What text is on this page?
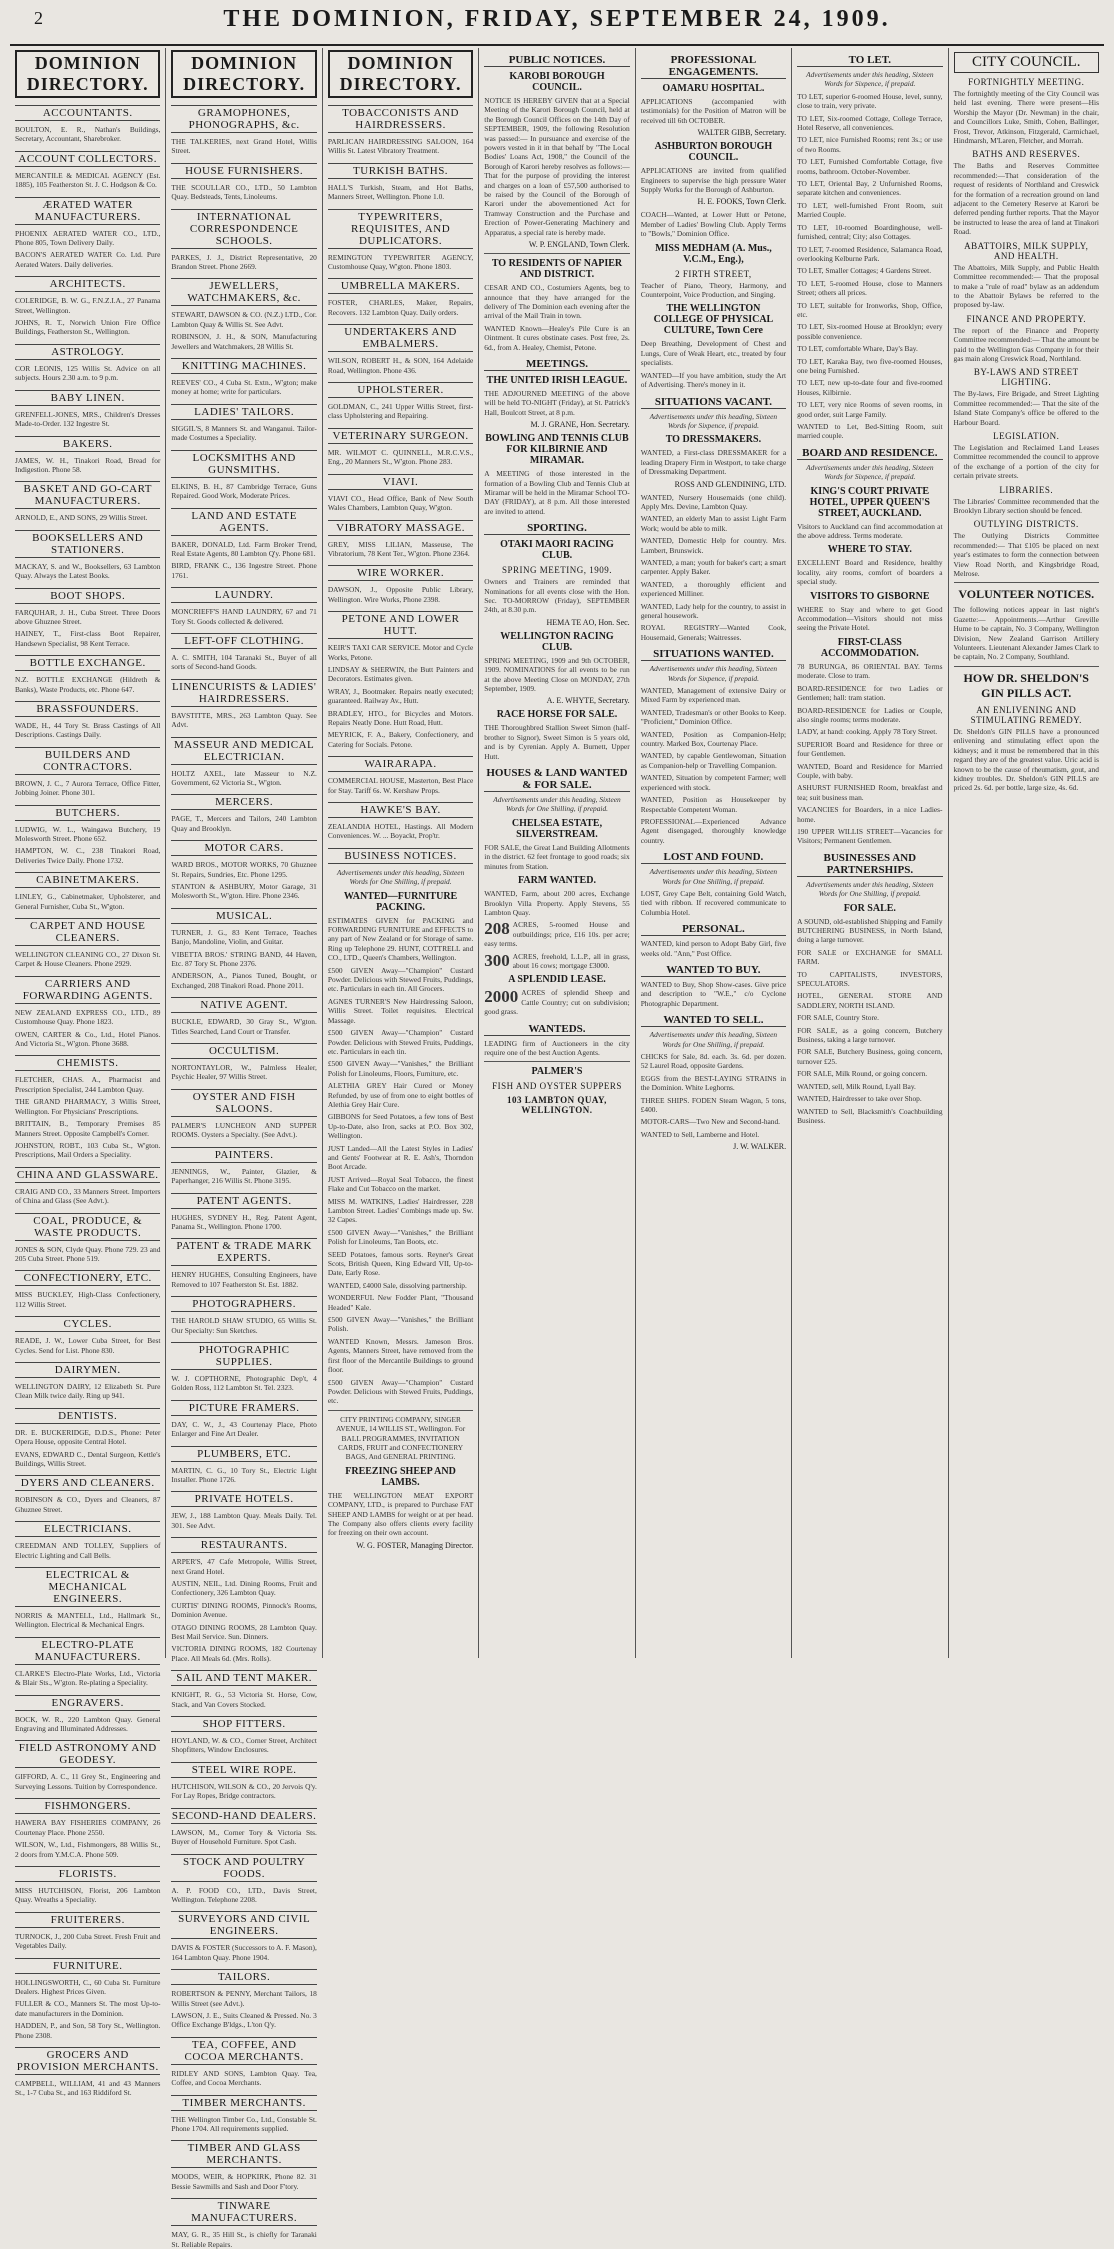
2	THE DOMINION, FRIDAY, SEPTEMBER 24, 1909.
DOMINION DIRECTORY.
ACCOUNTANTS.
BOULTON, E. R., Nathan's Buildings, Secretary, Accountant, Sharebroker.
ACCOUNT COLLECTORS.
MERCANTILE & MEDICAL AGENCY (Est. 1885), 105 Featherston St. J. C. Hodgson & Co.
ÆRATED WATER MANUFACTURERS.
PHOENIX AERATED WATER CO., LTD., Phone 805, Town Delivery Daily.
BACON'S AERATED WATER Co. Ltd. Pure Aerated Waters. Daily deliveries.
ARCHITECTS.
COLERIDGE, B. W. G., F.N.Z.I.A., 27 Panama Street, Wellington.
JOHNS, R. T., Norwich Union Fire Office Buildings, Featherston St., Wellington.
ASTROLOGY.
COR LEONIS, 125 Willis St. Advice on all subjects. Hours 2.30 a.m. to 9 p.m.
BABY LINEN.
GRENFELL-JONES, MRS., Children's Dresses Made-to-Order. 132 Ingestre St.
BAKERS.
JAMES, W. H., Tinakori Road, Bread for Indigestion. Phone 58.
BASKET AND GO-CART MANUFACTURERS.
ARNOLD, E., AND SONS, 29 Willis Street.
BOOKSELLERS AND STATIONERS.
MACKAY, S. and W., Booksellers, 63 Lambton Quay. Always the Latest Books.
BOOT SHOPS.
FARQUHAR, J. H., Cuba Street. Three Doors above Ghuznee Street.
HAINEY, T., First-class Boot Repairer, Handsewn Specialist, 98 Kent Terrace.
BOTTLE EXCHANGE.
N.Z. BOTTLE EXCHANGE (Hildreth & Banks), Waste Products, etc. Phone 647.
BRASSFOUNDERS.
WADE, H., 44 Tory St. Brass Castings of All Descriptions. Castings Daily.
BUILDERS AND CONTRACTORS.
BROWN, J. C., 7 Aurora Terrace, Office Fitter, Jobbing Joiner. Phone 301.
BUTCHERS.
LUDWIG, W. L., Waingawa Butchery, 19 Molesworth Street. Phone 652.
HAMPTON, W. C., 238 Tinakori Road, Deliveries Twice Daily. Phone 1732.
CABINETMAKERS.
LINLEY, G., Cabinetmaker, Upholsterer, and General Furnisher, Cuba St., W'gton.
CARPET AND HOUSE CLEANERS.
WELLINGTON CLEANING CO., 27 Dixon St. Carpet & House Cleaners. Phone 2929.
CARRIERS AND FORWARDING AGENTS.
NEW ZEALAND EXPRESS CO., LTD., 89 Customhouse Quay. Phone 1823.
OWEN, CARTER & Co., Ltd., Hotel Pianos. And Victoria St., W'gton. Phone 3688.
CHEMISTS.
FLETCHER, CHAS. A., Pharmacist and Prescription Specialist, 244 Lambton Quay.
THE GRAND PHARMACY, 3 Willis Street, Wellington. For Physicians' Prescriptions.
BRITTAIN, B., Temporary Premises 85 Manners Street. Opposite Campbell's Corner.
JOHNSTON, ROBT., 103 Cuba St., W'gton. Prescriptions, Mail Orders a Speciality.
CHINA AND GLASSWARE.
CRAIG AND CO., 33 Manners Street. Importers of China and Glass (See Advt.).
COAL, PRODUCE, & WASTE PRODUCTS.
JONES & SON, Clyde Quay. Phone 729. 23 and 205 Cuba Street. Phone 519.
CONFECTIONERY, ETC.
MISS BUCKLEY, High-Class Confectionery, 112 Willis Street.
CYCLES.
READE, J. W., Lower Cuba Street, for Best Cycles. Send for List. Phone 830.
DAIRYMEN.
WELLINGTON DAIRY, 12 Elizabeth St. Pure Clean Milk twice daily. Ring up 941.
DENTISTS.
DR. E. BUCKERIDGE, D.D.S., Phone: Peter Opera House, opposite Central Hotel.
EVANS, EDWARD C., Dental Surgeon, Kettle's Buildings, Willis Street.
DYERS AND CLEANERS.
ROBINSON & CO., Dyers and Cleaners, 87 Ghuznee Street.
ELECTRICIANS.
CREEDMAN AND TOLLEY, Suppliers of Electric Lighting and Call Bells.
ELECTRICAL & MECHANICAL ENGINEERS.
NORRIS & MANTELL, Ltd., Hallmark St., Wellington. Electrical & Mechanical Engrs.
ELECTRO-PLATE MANUFACTURERS.
CLARKE'S Electro-Plate Works, Ltd., Victoria & Blair Sts., W'gton. Re-plating a Speciality.
ENGRAVERS.
BOCK, W. R., 220 Lambton Quay. General Engraving and Illuminated Addresses.
FIELD ASTRONOMY AND GEODESY.
GIFFORD, A. C., 11 Grey St., Engineering and Surveying Lessons. Tuition by Correspondence.
FISHMONGERS.
HAWERA BAY FISHERIES COMPANY, 26 Courtenay Place. Phone 2550.
WILSON, W., Ltd., Fishmongers, 88 Willis St., 2 doors from Y.M.C.A. Phone 509.
FLORISTS.
MISS HUTCHISON, Florist, 206 Lambton Quay. Wreaths a Speciality.
FRUITERERS.
TURNOCK, J., 200 Cuba Street. Fresh Fruit and Vegetables Daily.
FURNITURE.
HOLLINGSWORTH, C., 60 Cuba St. Furniture Dealers. Highest Prices Given.
FULLER & CO., Manners St. The most Up-to-date manufacturers in the Dominion.
HADDEN, P., and Son, 58 Tory St., Wellington. Phone 2308.
GROCERS AND PROVISION MERCHANTS.
CAMPBELL, WILLIAM, 41 and 43 Manners St., 1-7 Cuba St., and 163 Riddiford St.
DOMINION DIRECTORY.
GRAMOPHONES, PHONOGRAPHS, &c.
THE TALKERIES, next Grand Hotel, Willis Street.
HOUSE FURNISHERS.
THE SCOULLAR CO., LTD., 50 Lambton Quay. Bedsteads, Tents, Linoleums.
INTERNATIONAL CORRESPONDENCE SCHOOLS.
PARKES, J. J., District Representative, 20 Brandon Street. Phone 2669.
JEWELLERS, WATCHMAKERS, &c.
STEWART, DAWSON & CO. (N.Z.) LTD., Cor. Lambton Quay & Willis St. See Advt.
ROBINSON, J. H., & SON, Manufacturing Jewellers and Watchmakers, 28 Willis St.
KNITTING MACHINES.
REEVES' CO., 4 Cuba St. Extn., W'gton; make money at home; write for particulars.
LADIES' TAILORS.
SIGGIL'S, 8 Manners St. and Wanganui. Tailor-made Costumes a Speciality.
LOCKSMITHS AND GUNSMITHS.
ELKINS, B. H., 87 Cambridge Terrace, Guns Repaired. Good Work, Moderate Prices.
LAND AND ESTATE AGENTS.
BAKER, DONALD, Ltd. Farm Broker Trend, Real Estate Agents, 80 Lambton Q'y. Phone 681.
BIRD, FRANK C., 136 Ingestre Street. Phone 1761.
LAUNDRY.
MONCRIEFF'S HAND LAUNDRY, 67 and 71 Tory St. Goods collected & delivered.
LEFT-OFF CLOTHING.
A. C. SMITH, 104 Taranaki St., Buyer of all sorts of Second-hand Goods.
LINENCURISTS & LADIES' HAIRDRESSERS.
BAVSTITTE, MRS., 263 Lambton Quay. See Advt.
MASSEUR AND MEDICAL ELECTRICIAN.
HOLTZ AXEL, late Masseur to N.Z. Government, 62 Victoria St., W'gton.
MERCERS.
PAGE, T., Mercers and Tailors, 240 Lambton Quay and Brooklyn.
MOTOR CARS.
WARD BROS., MOTOR WORKS, 70 Ghuznee St. Repairs, Sundries, Etc. Phone 1295.
STANTON & ASHBURY, Motor Garage, 31 Molesworth St., W'gton. Hire. Phone 2346.
MUSICAL.
TURNER, J. G., 83 Kent Terrace, Teaches Banjo, Mandoline, Violin, and Guitar.
VIBETTA BROS.' STRING BAND, 44 Haven, Etc. 87 Tory St. Phone 2376.
ANDERSON, A., Pianos Tuned, Bought, or Exchanged, 208 Tinakori Road. Phone 2011.
NATIVE AGENT.
BUCKLE, EDWARD, 30 Gray St., W'gton. Titles Searched, Land Court or Transfer.
OCCULTISM.
NORTONTAYLOR, W., Palmless Healer, Psychic Healer, 97 Willis Street.
OYSTER AND FISH SALOONS.
PALMER'S LUNCHEON AND SUPPER ROOMS. Oysters a Specialty. (See Advt.).
PAINTERS.
JENNINGS, W., Painter, Glazier, & Paperhanger, 216 Willis St. Phone 3195.
PATENT AGENTS.
HUGHES, SYDNEY H., Reg. Patent Agent, Panama St., Wellington. Phone 1700.
PATENT & TRADE MARK EXPERTS.
HENRY HUGHES, Consulting Engineers, have Removed to 107 Featherston St. Est. 1882.
PHOTOGRAPHERS.
THE HAROLD SHAW STUDIO, 65 Willis St. Our Specialty: Sun Sketches.
PHOTOGRAPHIC SUPPLIES.
W. J. COPTHORNE, Photographic Dep't, 4 Golden Ross, 112 Lambton St. Tel. 2323.
PICTURE FRAMERS.
DAY, C. W., J., 43 Courtenay Place, Photo Enlarger and Fine Art Dealer.
PLUMBERS, ETC.
MARTIN, C. G., 10 Tory St., Electric Light Installer. Phone 1726.
PRIVATE HOTELS.
JEW, J., 188 Lambton Quay. Meals Daily. Tel. 301. See Advt.
RESTAURANTS.
ARPER'S, 47 Cafe Metropole, Willis Street, next Grand Hotel.
AUSTIN, NEIL, Ltd. Dining Rooms, Fruit and Confectionery, 326 Lambton Quay.
CURTIS' DINING ROOMS, Pinnock's Rooms, Dominion Avenue.
OTAGO DINING ROOMS, 28 Lambton Quay. Best Mail Service. Sun. Dinners.
VICTORIA DINING ROOMS, 182 Courtenay Place. All Meals 6d. (Mrs. Rolls).
SAIL AND TENT MAKER.
KNIGHT, R. G., 53 Victoria St. Horse, Cow, Stack, and Van Covers Stocked.
SHOP FITTERS.
HOYLAND, W. & CO., Corner Street, Architect Shopfitters, Window Enclosures.
STEEL WIRE ROPE.
HUTCHISON, WILSON & CO., 20 Jervois Q'y. For Lay Ropes, Bridge contractors.
SECOND-HAND DEALERS.
LAWSON, M., Corner Tory & Victoria Sts. Buyer of Household Furniture. Spot Cash.
STOCK AND POULTRY FOODS.
A. P. FOOD CO., LTD., Davis Street, Wellington. Telephone 2208.
SURVEYORS AND CIVIL ENGINEERS.
DAVIS & FOSTER (Successors to A. F. Mason), 164 Lambton Quay. Phone 1904.
TAILORS.
ROBERTSON & PENNY, Merchant Tailors, 18 Willis Street (see Advt.).
LAWSON, J. E., Suits Cleaned & Pressed. No. 3 Office Exchange B'ldgs., L'ton Q'y.
TEA, COFFEE, AND COCOA MERCHANTS.
RIDLEY AND SONS, Lambton Quay. Tea, Coffee, and Cocoa Merchants.
TIMBER MERCHANTS.
THE Wellington Timber Co., Ltd., Constable St. Phone 1704. All requirements supplied.
TIMBER AND GLASS MERCHANTS.
MOODS, WEIR, & HOPKIRK, Phone 82. 31 Bessie Sawmills and Sash and Door F'tory.
TINWARE MANUFACTURERS.
MAY, G. R., 35 Hill St., is chiefly for Taranaki St. Reliable Repairs.
DOMINION DIRECTORY.
TOBACCONISTS AND HAIRDRESSERS.
PARLICAN HAIRDRESSING SALOON, 164 Willis St. Latest Vibratory Treatment.
TURKISH BATHS.
HALL'S Turkish, Steam, and Hot Baths, Manners Street, Wellington. Phone 1.0.
TYPEWRITERS, REQUISITES, AND DUPLICATORS.
REMINGTON TYPEWRITER AGENCY, Customhouse Quay, W'gton. Phone 1803.
UMBRELLA MAKERS.
FOSTER, CHARLES, Maker, Repairs, Recovers. 132 Lambton Quay. Daily orders.
UNDERTAKERS AND EMBALMERS.
WILSON, ROBERT H., & SON, 164 Adelaide Road, Wellington. Phone 436.
UPHOLSTERER.
GOLDMAN, C., 241 Upper Willis Street, first-class Upholstering and Repairing.
VETERINARY SURGEON.
MR. WILMOT C. QUINNELL, M.R.C.V.S., Eng., 20 Manners St., W'gton. Phone 283.
VIAVI.
VIAVI CO., Head Office, Bank of New South Wales Chambers, Lambton Quay, W'gton.
VIBRATORY MASSAGE.
GREY, MISS LILIAN, Masseuse, The Vibratorium, 78 Kent Ter., W'gton. Phone 2364.
WIRE WORKER.
DAWSON, J., Opposite Public Library, Wellington. Wire Works, Phone 2398.
PETONE AND LOWER HUTT.
KEIR'S TAXI CAR SERVICE. Motor and Cycle Works, Petone.
LINDSAY & SHERWIN, the Butt Painters and Decorators. Estimates given.
WRAY, J., Bootmaker. Repairs neatly executed; guaranteed. Railway Av., Hutt.
BRADLEY, HTO., for Bicycles and Motors. Repairs Neatly Done. Hutt Road, Hutt.
MEYRICK, F. A., Bakery, Confectionery, and Catering for Socials. Petone.
WAIRARAPA.
COMMERCIAL HOUSE, Masterton, Best Place for Stay. Tariff 6s. W. Kershaw Props.
HAWKE'S BAY.
ZEALANDIA HOTEL, Hastings. All Modern Conveniences. W. ... Boyackt, Prop'tr.
BUSINESS NOTICES.
Advertisements under this heading, Sixteen Words for One Shilling, if prepaid.
WANTED—FURNITURE PACKING.
ESTIMATES GIVEN for PACKING and FORWARDING FURNITURE and EFFECTS to any part of New Zealand or for Storage of same. Ring up Telephone 29. HUNT, COTTRELL and CO., LTD., Queen's Chambers, Wellington.
£500 GIVEN Away—"Champion" Custard Powder. Delicious with Stewed Fruits, Puddings, etc. Particulars in each tin. All Grocers.
AGNES TURNER'S New Hairdressing Saloon, Willis Street. Toilet requisites. Electrical Massage.
£500 GIVEN Away—"Champion" Custard Powder. Delicious with Stewed Fruits, Puddings, etc. Particulars in each tin.
£500 GIVEN Away—"Vanishes," the Brilliant Polish for Linoleums, Floors, Furniture, etc.
ALETHIA GREY Hair Cured or Money Refunded, by use of from one to eight bottles of Alethia Grey Hair Cure.
GIBBONS for Seed Potatoes, a few tons of Best Up-to-Date, also Iron, sacks at P.O. Box 302, Wellington.
JUST Landed—All the Latest Styles in Ladies' and Gents' Footwear at R. E. Ash's, Thorndon Boot Arcade.
JUST Arrived—Royal Seal Tobacco, the finest Flake and Cut Tobacco on the market.
MISS M. WATKINS, Ladies' Hairdresser, 228 Lambton Street. Ladies' Combings made up. Sw. 32 Capes.
£500 GIVEN Away—"Vanishes," the Brilliant Polish for Linoleums, Tan Boots, etc.
SEED Potatoes, famous sorts. Reyner's Great Scots, British Queen, King Edward VII, Up-to-Date, Early Rose.
WANTED, £4000 Sale, dissolving partnership.
WONDERFUL New Fodder Plant, "Thousand Headed" Kale.
£500 GIVEN Away—"Vanishes," the Brilliant Polish.
WANTED Known, Messrs. Jameson Bros. Agents, Manners Street, have removed from the first floor of the Mercantile Buildings to ground floor.
£500 GIVEN Away—"Champion" Custard Powder. Delicious with Stewed Fruits, Puddings, etc.
CITY PRINTING COMPANY, SINGER AVENUE, 14 WILLIS ST., Wellington. For BALL PROGRAMMES, INVITATION CARDS, FRUIT and CONFECTIONERY BAGS, And GENERAL PRINTING.
FREEZING SHEEP AND LAMBS.
THE WELLINGTON MEAT EXPORT COMPANY, LTD., is prepared to Purchase FAT SHEEP AND LAMBS for weight or at per head. The Company also offers clients every facility for freezing on their own account.
W. G. FOSTER, Managing Director.
PUBLIC NOTICES.
KAROBI BOROUGH COUNCIL.
NOTICE IS HEREBY GIVEN that at a Special Meeting of the Karori Borough Council, held at the Borough Council Offices on the 14th Day of SEPTEMBER, 1909, the following Resolution was passed:— In pursuance and exercise of the powers vested in it in that behalf by "The Local Bodies' Loans Act, 1908," the Council of the Borough of Karori hereby resolves as follows:— That for the purpose of providing the interest and charges on a loan of £57,500 authorised to be raised by the Council of the Borough of Karori under the abovementioned Act for Tramway Construction and the Purchase and Erection of Power-Generating Machinery and Apparatus, a special rate is hereby made.
W. P. ENGLAND, Town Clerk.
TO RESIDENTS OF NAPIER AND DISTRICT.
CESAR AND CO., Costumiers Agents, beg to announce that they have arranged for the delivery of The Dominion each evening after the arrival of the Mail Train in town.
WANTED Known—Healey's Pile Cure is an Ointment. It cures obstinate cases. Post free, 2s. 6d., from A. Healey, Chemist, Petone.
MEETINGS.
THE UNITED IRISH LEAGUE.
THE ADJOURNED MEETING of the above will be held TO-NIGHT (Friday), at St. Patrick's Hall, Boulcott Street, at 8 p.m.
M. J. GRANE, Hon. Secretary.
BOWLING AND TENNIS CLUB FOR KILBIRNIE AND MIRAMAR.
A MEETING of those interested in the formation of a Bowling Club and Tennis Club at Miramar will be held in the Miramar School TO-DAY (FRIDAY), at 8 p.m. All those interested are invited to attend.
SPORTING.
OTAKI MAORI RACING CLUB.
SPRING MEETING, 1909.
Owners and Trainers are reminded that Nominations for all events close with the Hon. Sec. TO-MORROW (Friday), SEPTEMBER 24th, at 8.30 p.m.
HEMA TE AO, Hon. Sec.
WELLINGTON RACING CLUB.
SPRING MEETING, 1909 and 9th OCTOBER, 1909. NOMINATIONS for all events to be run at the above Meeting Close on MONDAY, 27th September, 1909.
A. E. WHYTE, Secretary.
RACE HORSE FOR SALE.
THE Thoroughbred Stallion Sweet Simon (half-brother to Signor), Sweet Simon is 5 years old, and is by Cyrenian. Apply A. Burnett, Upper Hutt.
HOUSES & LAND WANTED & FOR SALE.
Advertisements under this heading, Sixteen Words for One Shilling, if prepaid.
CHELSEA ESTATE, SILVERSTREAM.
FOR SALE, the Great Land Building Allotments in the district. 62 feet frontage to good roads; six minutes from Station.
FARM WANTED.
WANTED, Farm, about 200 acres, Exchange Brooklyn Villa Property. Apply Stevens, 55 Lambton Quay.
208 ACRES, 5-roomed House and outbuildings; price, £16 10s. per acre; easy terms.
300 ACRES, freehold, L.L.P., all in grass, about 16 cows; mortgage £3000.
A SPLENDID LEASE.
2000 ACRES of splendid Sheep and Cattle Country; cut on subdivision; good grass.
WANTEDS.
LEADING firm of Auctioneers in the city require one of the best Auction Agents.
PALMER'S
FISH AND OYSTER SUPPERS
103 LAMBTON QUAY, WELLINGTON.
PROFESSIONAL ENGAGEMENTS.
OAMARU HOSPITAL.
APPLICATIONS (accompanied with testimonials) for the Position of Matron will be received till 6th OCTOBER.
WALTER GIBB, Secretary.
ASHBURTON BOROUGH COUNCIL.
APPLICATIONS are invited from qualified Engineers to supervise the high pressure Water Supply Works for the Borough of Ashburton.
H. E. FOOKS, Town Clerk.
COACH—Wanted, at Lower Hutt or Petone, Member of Ladies' Bowling Club. Apply Terms to "Bowls," Dominion Office.
MISS MEDHAM (A. Mus., V.C.M., Eng.),
2 FIRTH STREET,
Teacher of Piano, Theory, Harmony, and Counterpoint, Voice Production, and Singing.
THE WELLINGTON COLLEGE OF PHYSICAL CULTURE, Town Cere
Deep Breathing, Development of Chest and Lungs, Cure of Weak Heart, etc., treated by four specialists.
WANTED—If you have ambition, study the Art of Advertising. There's money in it.
SITUATIONS VACANT.
Advertisements under this heading, Sixteen Words for Sixpence, if prepaid.
TO DRESSMAKERS.
WANTED, a First-class DRESSMAKER for a leading Drapery Firm in Westport, to take charge of Dressmaking Department.
ROSS AND GLENDINING, LTD.
WANTED, Nursery Housemaids (one child). Apply Mrs. Devine, Lambton Quay.
WANTED, an elderly Man to assist Light Farm Work; would be able to milk.
WANTED, Domestic Help for country. Mrs. Lambert, Brunswick.
WANTED, a man; youth for baker's cart; a smart carpenter. Apply Baker.
WANTED, a thoroughly efficient and experienced Milliner.
WANTED, Lady help for the country, to assist in general housework.
ROYAL REGISTRY—Wanted Cook, Housemaid, Generals; Waitresses.
SITUATIONS WANTED.
Advertisements under this heading, Sixteen Words for Sixpence, if prepaid.
WANTED, Management of extensive Dairy or Mixed Farm by experienced man.
WANTED, Tradesman's or other Books to Keep. "Proficient," Dominion Office.
WANTED, Position as Companion-Help; country. Marked Box, Courtenay Place.
WANTED, by capable Gentlewoman, Situation as Companion-help or Travelling Companion.
WANTED, Situation by competent Farmer; well experienced with stock.
WANTED, Position as Housekeeper by Respectable Competent Woman.
PROFESSIONAL—Experienced Advance Agent disengaged, thoroughly knowledge country.
LOST AND FOUND.
Advertisements under this heading, Sixteen Words for One Shilling, if prepaid.
LOST, Grey Cape Belt, containing Gold Watch, tied with ribbon. If recovered communicate to Columbia Hotel.
PERSONAL.
WANTED, kind person to Adopt Baby Girl, five weeks old. "Ann," Post Office.
WANTED TO BUY.
WANTED to Buy, Shop Show-cases. Give price and description to "W.E.," c/o Cyclone Photographic Department.
WANTED TO SELL.
Advertisements under this heading, Sixteen Words for One Shilling, if prepaid.
CHICKS for Sale, 8d. each. 3s. 6d. per dozen. 52 Laurel Road, opposite Gardens.
EGGS from the BEST-LAYING STRAINS in the Dominion. White Leghorns.
THREE SHIPS. FODEN Steam Wagon, 5 tons, £400.
MOTOR-CARS—Two New and Second-hand.
WANTED to Sell, Lamberne and Hotel.
J. W. WALKER.
TO LET.
Advertisements under this heading, Sixteen Words for Sixpence, if prepaid.
TO LET, superior 6-roomed House, level, sunny, close to train, very private.
TO LET, Six-roomed Cottage, College Terrace, Hotel Reserve, all conveniences.
TO LET, nice Furnished Rooms; rent 3s.; or use of two Rooms.
TO LET, Furnished Comfortable Cottage, five rooms, bathroom. October-November.
TO LET, Oriental Bay, 2 Unfurnished Rooms, separate kitchen and conveniences.
TO LET, well-furnished Front Room, suit Married Couple.
TO LET, 10-roomed Boardinghouse, well-furnished, central; City; also Cottages.
TO LET, 7-roomed Residence, Salamanca Road, overlooking Kelburne Park.
TO LET, Smaller Cottages; 4 Gardens Street.
TO LET, 5-roomed House, close to Manners Street; others all prices.
TO LET, suitable for Ironworks, Shop, Office, etc.
TO LET, Six-roomed House at Brooklyn; every possible convenience.
TO LET, comfortable Whare, Day's Bay.
TO LET, Karaka Bay, two five-roomed Houses, one being Furnished.
TO LET, new up-to-date four and five-roomed Houses, Kilbirnie.
TO LET, very nice Rooms of seven rooms, in good order, suit Large Family.
WANTED to Let, Bed-Sitting Room, suit married couple.
BOARD AND RESIDENCE.
Advertisements under this heading, Sixteen Words for Sixpence, if prepaid.
KING'S COURT PRIVATE HOTEL, UPPER QUEEN'S STREET, AUCKLAND.
Visitors to Auckland can find accommodation at the above address. Terms moderate.
WHERE TO STAY.
EXCELLENT Board and Residence, healthy locality, airy rooms, comfort of boarders a special study.
VISITORS TO GISBORNE
WHERE to Stay and where to get Good Accommodation—Visitors should not miss seeing the Private Hotel.
FIRST-CLASS ACCOMMODATION.
78 BURUNGA, 86 ORIENTAL BAY. Terms moderate. Close to tram.
BOARD-RESIDENCE for two Ladies or Gentlemen; hall: tram station.
BOARD-RESIDENCE for Ladies or Couple, also single rooms; terms moderate.
LADY, at hand: cooking. Apply 78 Tory Street.
SUPERIOR Board and Residence for three or four Gentlemen.
WANTED, Board and Residence for Married Couple, with baby.
ASHURST FURNISHED Room, breakfast and tea; suit business man.
VACANCIES for Boarders, in a nice Ladies-home.
190 UPPER WILLIS STREET—Vacancies for Visitors; Permanent Gentlemen.
BUSINESSES AND PARTNERSHIPS.
Advertisements under this heading, Sixteen Words for One Shilling, if prepaid.
FOR SALE.
A SOUND, old-established Shipping and Family BUTCHERING BUSINESS, in North Island, doing a large turnover.
FOR SALE or EXCHANGE for SMALL FARM.
TO CAPITALISTS, INVESTORS, SPECULATORS.
HOTEL, GENERAL STORE AND SADDLERY, NORTH ISLAND.
FOR SALE, Country Store.
FOR SALE, as a going concern, Butchery Business, taking a large turnover.
FOR SALE, Butchery Business, going concern, turnover £25.
FOR SALE, Milk Round, or going concern.
WANTED, sell, Milk Round, Lyall Bay.
WANTED, Hairdresser to take over Shop.
WANTED to Sell, Blacksmith's Coachbuilding Business.
CITY COUNCIL.
FORTNIGHTLY MEETING.
The fortnightly meeting of the City Council was held last evening. There were present—His Worship the Mayor (Dr. Newman) in the chair, and Councillors Luke, Smith, Cohen, Ballinger, Frost, Trevor, Atkinson, Fitzgerald, Carmichael, Hindmarsh, M'Laren, Fletcher, and Morrah.
BATHS AND RESERVES.
The Baths and Reserves Committee recommended:—That consideration of the request of residents of Northland and Creswick for the formation of a recreation ground on land adjacent to the Cemetery Reserve at Karori be deferred pending further reports. That the Mayor be instructed to lease the area of land at Tinakori Road.
ABATTOIRS, MILK SUPPLY, AND HEALTH.
The Abattoirs, Milk Supply, and Public Health Committee recommended:— That the proposal to make a "rule of road" bylaw as an addendum to the Abattoir Bylaws be referred to the proposed by-law.
FINANCE AND PROPERTY.
The report of the Finance and Property Committee recommended:— That the amount be paid to the Wellington Gas Company in for their gas main along Creswick Road, Northland.
BY-LAWS AND STREET LIGHTING.
The By-laws, Fire Brigade, and Street Lighting Committee recommended:— That the site of the Island State Company's office be offered to the Harbour Board.
LEGISLATION.
The Legislation and Reclaimed Land Leases Committee recommended the council to approve of the exchange of a portion of the city for certain private streets.
LIBRARIES.
The Libraries' Committee recommended that the Brooklyn Library section should be fenced.
OUTLYING DISTRICTS.
The Outlying Districts Committee recommended:— That £105 be placed on next year's estimates to form the connection between View Road North, and Kingsbridge Road, Melrose.
VOLUNTEER NOTICES.
The following notices appear in last night's Gazette:— Appointments.—Arthur Greville Hume to be captain, No. 3 Company, Wellington Division, New Zealand Garrison Artillery Volunteers. Lieutenant Alexander James Clark to be captain, No. 2 Company, Southland.
HOW DR. SHELDON'S GIN PILLS ACT.
AN ENLIVENING AND STIMULATING REMEDY.
Dr. Sheldon's GIN PILLS have a pronounced enlivening and stimulating effect upon the kidneys; and it must be remembered that in this regard they are of the greatest value. Uric acid is known to be the cause of rheumatism, gout, and kidney troubles. Dr. Sheldon's GIN PILLS are priced 2s. 6d. per bottle, large size, 4s. 6d.
